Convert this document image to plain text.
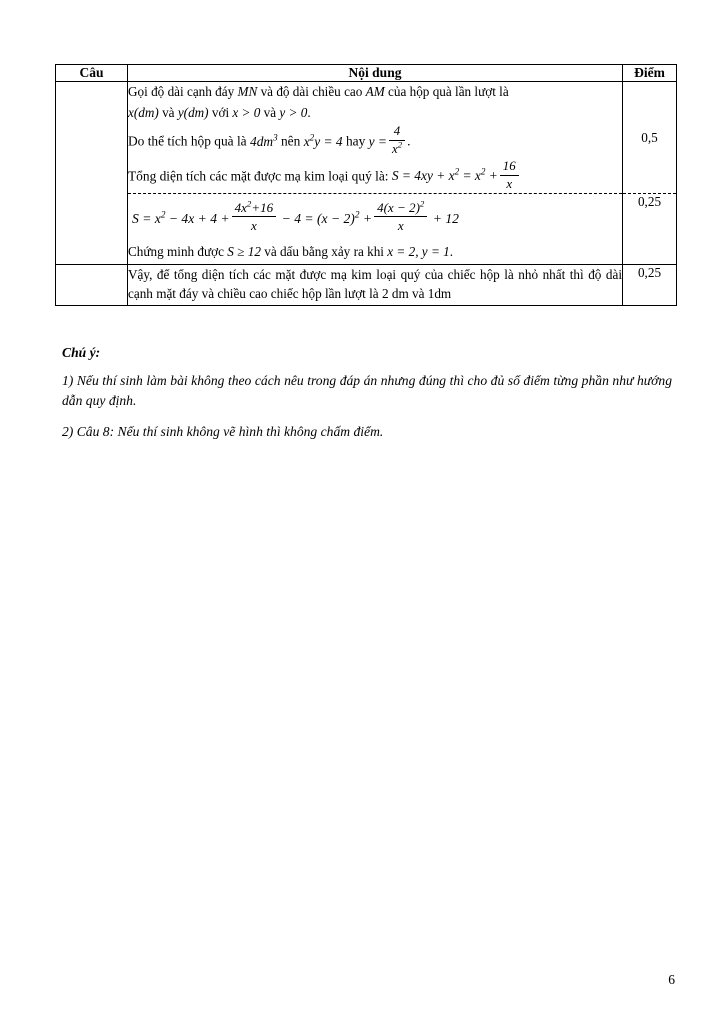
Câu	Nội dung	Điểm

Gọi độ dài cạnh đáy MN và độ dài chiều cao AM của hộp quà lần lượt là
x(dm) và y(dm) với x > 0 và y > 0.
Do thể tích hộp quà là $4dm^3$ nên $x^2y = 4$ hay $y = \frac{4}{x^2}$ .
Tổng diện tích các mặt được mạ kim loại quý là: $S = 4xy + x^2 = x^2 + \frac{16}{x}$
	0,5

$S = x^2 - 4x + 4 + \frac{4x^2+16}{x} - 4 = (x - 2)^2 + \frac{4(x - 2)^2}{x} + 12$
Chứng minh được S ≥ 12 và dấu bằng xảy ra khi x = 2, y = 1.
	0,25

	Vậy, để tổng diện tích các mặt được mạ kim loại quý của chiếc hộp là nhỏ nhất thì độ dài cạnh mặt đáy và chiều cao chiếc hộp lần lượt là 2 dm và 1dm	0,25
Chú ý:
1) Nếu thí sinh làm bài không theo cách nêu trong đáp án nhưng đúng thì cho đủ số điểm từng phần như hướng dẫn quy định.
2) Câu 8: Nếu thí sinh không vẽ hình thì không chấm điểm.
6
